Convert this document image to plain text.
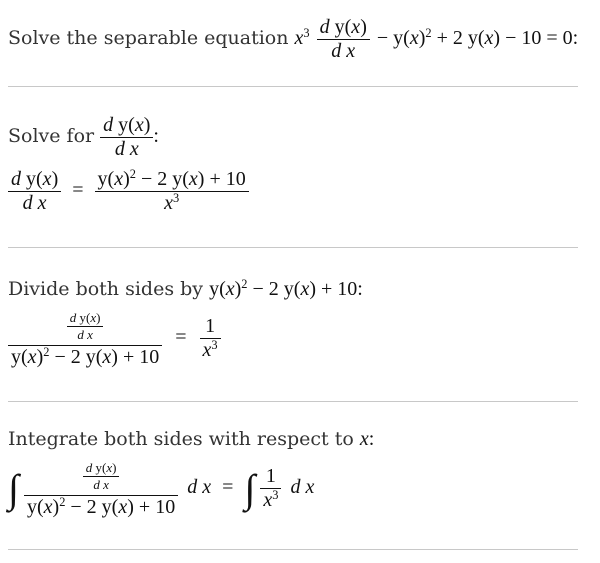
Solve the separable equation $x^3 \frac{\text{d y(x)}}{\text{d x}} - y(x)^2 + 2$ y(x) − 10 = 0:
Solve for $\frac{\text{d y(x)}}{\text{d x}}$ :
$\frac{\text{d y(x)}}{\text{d x}} = \frac{y(x)^2 - 2 y(x) + 10}{x^3}$
Divide both sides by $y(x)^2 - 2$ y(x) + 10:
$\frac{\frac{\text{d y(x)}}{\text{d x}}}{y(x)^2 - 2 y(x) + 10} = \frac{1}{x^3}$
Integrate both sides with respect to x:
∫ $\frac{\frac{\text{d y(x)}}{\text{d x}}}{y(x)^2 - 2 y(x) + 10}$ d x = ∫ $\frac{1}{x^3}$ d x
